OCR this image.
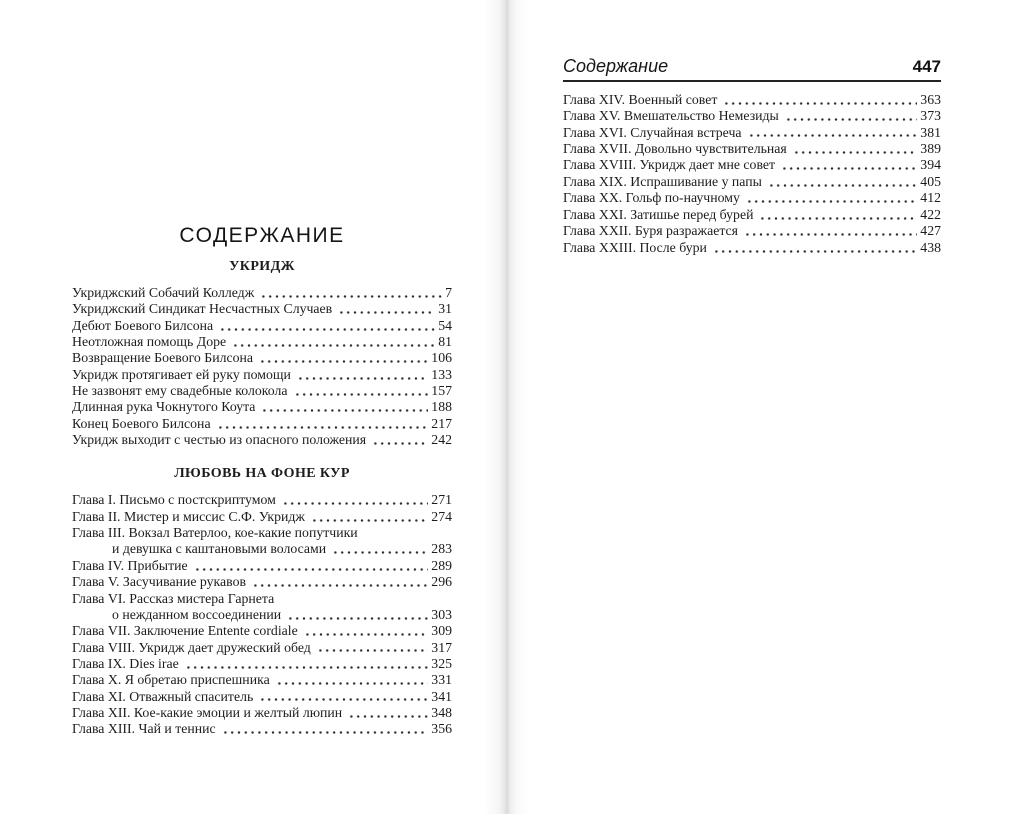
СОДЕРЖАНИЕ
УКРИДЖ
Укриджский Собачий Колледж	7
Укриджский Синдикат Несчастных Случаев	31
Дебют Боевого Билсона	54
Неотложная помощь Доре	81
Возвращение Боевого Билсона	106
Укридж протягивает ей руку помощи	133
Не зазвонят ему свадебные колокола	157
Длинная рука Чокнутого Коута	188
Конец Боевого Билсона	217
Укридж выходит с честью из опасного положения	242
ЛЮБОВЬ НА ФОНЕ КУР
Глава I. Письмо с постскриптумом	271
Глава II. Мистер и миссис С.Ф. Укридж	274
Глава III. Вокзал Ватерлоо, кое-какие попутчики
и девушка с каштановыми волосами	283
Глава IV. Прибытие	289
Глава V. Засучивание рукавов	296
Глава VI. Рассказ мистера Гарнета
о нежданном воссоединении	303
Глава VII. Заключение Entente cordiale	309
Глава VIII. Укридж дает дружеский обед	317
Глава IX. Dies irae	325
Глава X. Я обретаю приспешника	331
Глава XI. Отважный спаситель	341
Глава XII. Кое-какие эмоции и желтый люпин	348
Глава XIII. Чай и теннис	356
Содержание	447
Глава XIV. Военный совет	363
Глава XV. Вмешательство Немезиды	373
Глава XVI. Случайная встреча	381
Глава XVII. Довольно чувствительная	389
Глава XVIII. Укридж дает мне совет	394
Глава XIX. Испрашивание у папы	405
Глава XX. Гольф по-научному	412
Глава XXI. Затишье перед бурей	422
Глава XXII. Буря разражается	427
Глава XXIII. После бури	438
